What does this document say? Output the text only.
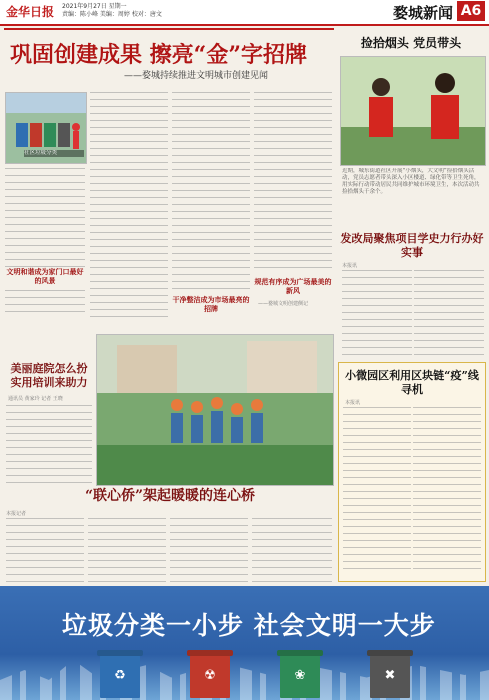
金华日报 2021年9月27日 星期一
责编：陈小峰 美编：周婷 校对：唐文	婺城新闻 A6
巩固创建成果 擦亮“金”字招牌
——婺城持续推进文明城市创建见闻
社区垃圾分类
文明和谐成为家门口最好的风景
干净整洁成为市场最亮的招牌
规范有序成为广场最美的新风
——婺城文明创建侧记
美丽庭院怎么扮实用培训来助力
通讯员 黄家玲 记者 王晓
“联心侨”架起暖暖的连心桥
本报记者
捡拾烟头 党员带头
近期，城东街道社区开展“小烟头，大文明”捡拾烟头活动，党员志愿者带头深入小区楼道、绿化带等卫生死角，用实际行动带动居民共同维护城市环境卫生，本次活动共捡拾烟头千余个。
发改局聚焦项目学史力行办好实事
本报讯
小微园区利用区块链“疫”线寻机
本报讯
垃圾分类一小步 社会文明一大步
♻	☢	❀	✖
